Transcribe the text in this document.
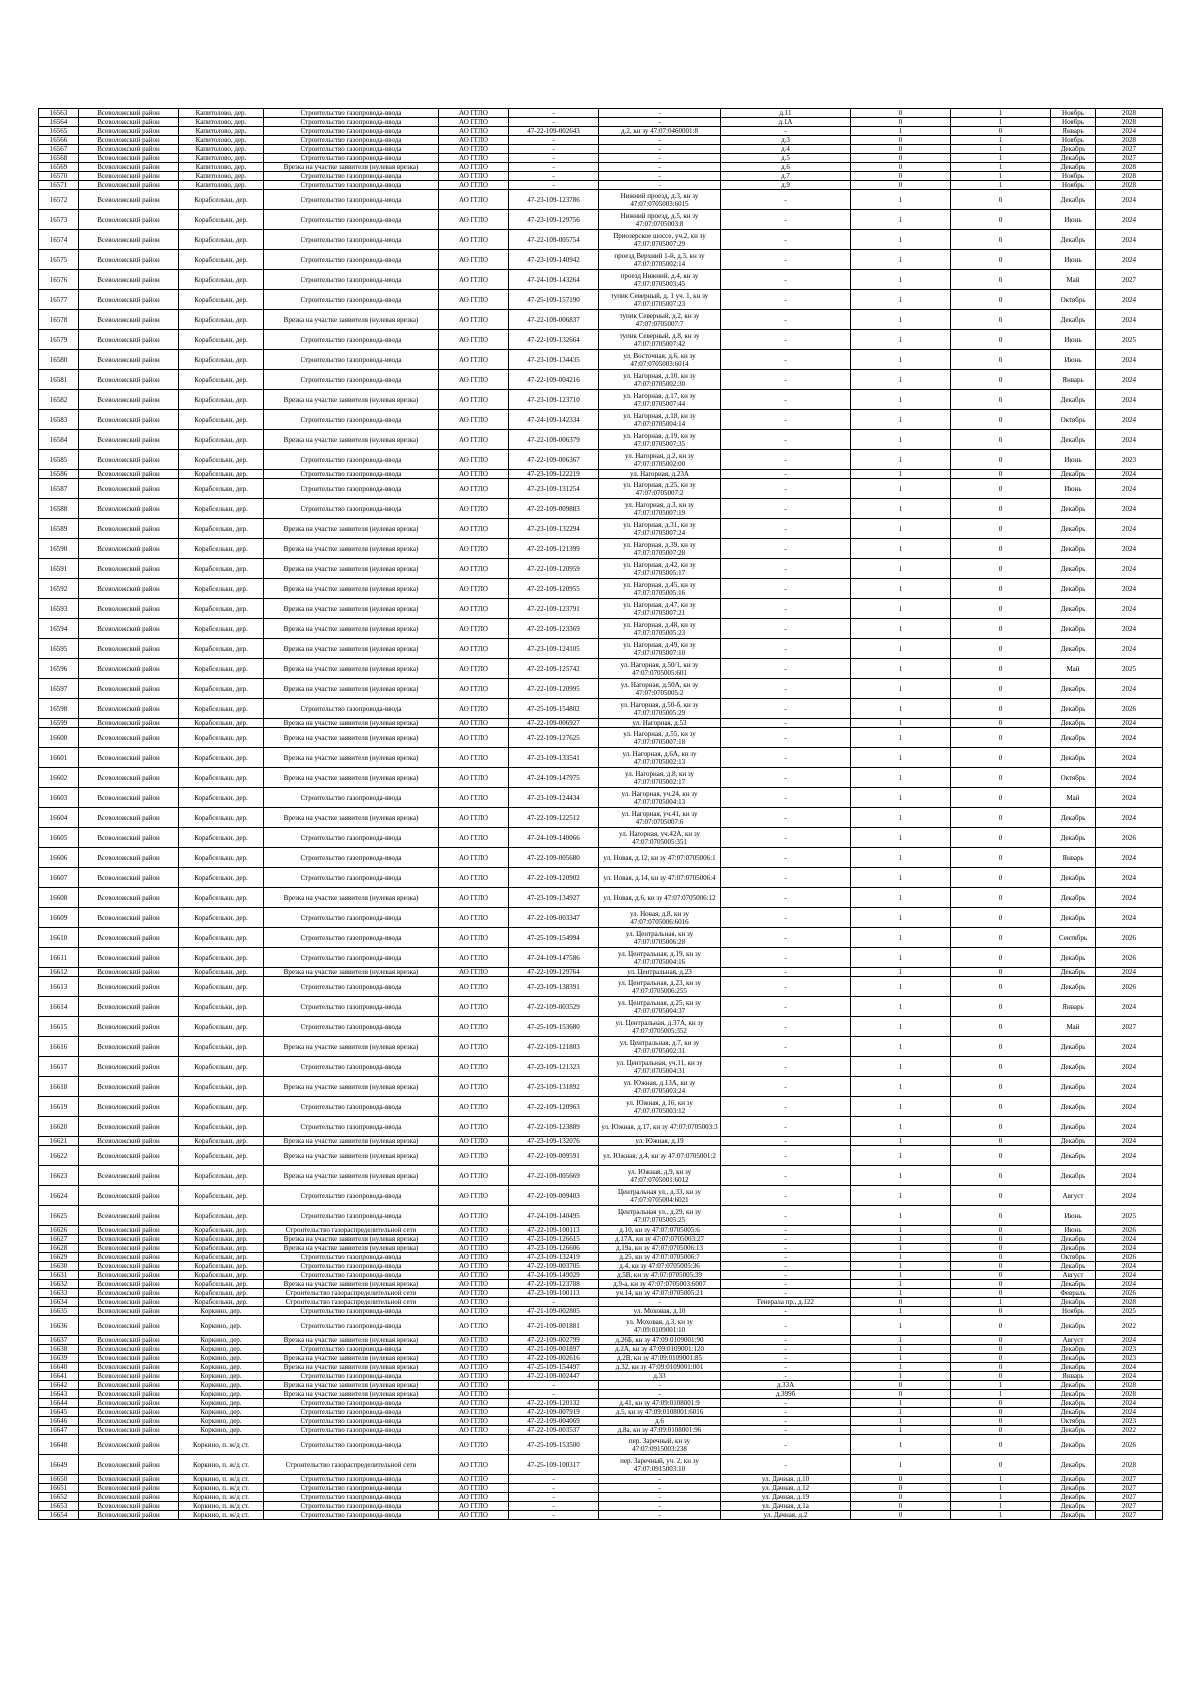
16563	Всеволожский район	Капитолово, дер.	Строительство газопровода-ввода	АО ГГЛО	-	-	д.11	0	1	Ноябрь	2028
16564	Всеволожский район	Капитолово, дер.	Строительство газопровода-ввода	АО ГГЛО	-	-	д.1А	0	1	Ноябрь	2028
16565	Всеволожский район	Капитолово, дер.	Строительство газопровода-ввода	АО ГГЛО	47-22-109-002643	д.2, кн зу 47:07:0460001:8	-	1	0	Январь	2024
16566	Всеволожский район	Капитолово, дер.	Строительство газопровода-ввода	АО ГГЛО	-	-	д.3	0	1	Ноябрь	2028
16567	Всеволожский район	Капитолово, дер.	Строительство газопровода-ввода	АО ГГЛО	-	-	д.4	0	1	Декабрь	2027
16568	Всеволожский район	Капитолово, дер.	Строительство газопровода-ввода	АО ГГЛО	-	-	д.5	0	1	Декабрь	2027
16569	Всеволожский район	Капитолово, дер.	Врезка на участке заявителя (нулевая врезка)	АО ГГЛО	-	-	д.6	0	1	Декабрь	2028
16570	Всеволожский район	Капитолово, дер.	Строительство газопровода-ввода	АО ГГЛО	-	-	д.7	0	1	Ноябрь	2028
16571	Всеволожский район	Капитолово, дер.	Строительство газопровода-ввода	АО ГГЛО	-	-	д.9	0	1	Ноябрь	2028
16572	Всеволожский район	Корабсельки, дер.	Строительство газопровода-ввода	АО ГГЛО	47-23-109-123786	Нижний проезд, д.3, кн зу 47:07:0705003:6015	-	1	0	Декабрь	2024
16573	Всеволожский район	Корабсельки, дер.	Строительство газопровода-ввода	АО ГГЛО	47-23-109-129756	Нижний проезд, д.5, кн зу 47:07:0705003:8	-	1	0	Июнь	2024
16574	Всеволожский район	Корабсельки, дер.	Строительство газопровода-ввода	АО ГГЛО	47-22-109-005754	Приозерское шоссе, уч.2, кн зу 47:07:0705007:29	-	1	0	Декабрь	2024
16575	Всеволожский район	Корабсельки, дер.	Строительство газопровода-ввода	АО ГГЛО	47-23-109-140942	проезд Верхний 1-й, д.3, кн зу 47:07:0705002:14	-	1	0	Июнь	2024
16576	Всеволожский район	Корабсельки, дер.	Строительство газопровода-ввода	АО ГГЛО	47-24-109-143264	проезд Нижний, д.4, кн зу 47:07:0705003:45	-	1	0	Май	2027
16577	Всеволожский район	Корабсельки, дер.	Строительство газопровода-ввода	АО ГГЛО	47-25-109-157190	тупик Северный, д. 1 уч. 1, кн зу 47:07:0705007:23	-	1	0	Октябрь	2024
16578	Всеволожский район	Корабсельки, дер.	Врезка на участке заявителя (нулевая врезка)	АО ГГЛО	47-22-109-006837	тупик Северный, д.2, кн зу 47:07:0705007:7	-	1	0	Декабрь	2024
16579	Всеволожский район	Корабсельки, дер.	Строительство газопровода-ввода	АО ГГЛО	47-22-109-132664	тупик Северный, д.8, кн зу 47:07:0705007:42	-	1	0	Июнь	2025
16580	Всеволожский район	Корабсельки, дер.	Строительство газопровода-ввода	АО ГГЛО	47-23-109-134435	ул. Восточная, д.6, кн зу 47:07:0705003:6014	-	1	0	Июнь	2024
16581	Всеволожский район	Корабсельки, дер.	Строительство газопровода-ввода	АО ГГЛО	47-22-109-004216	ул. Нагорная, д.10, кн зу 47:07:0705002:30	-	1	0	Январь	2024
16582	Всеволожский район	Корабсельки, дер.	Врезка на участке заявителя (нулевая врезка)	АО ГГЛО	47-23-109-123710	ул. Нагорная, д.17, кн зу 47:07:0705007:44	-	1	0	Декабрь	2024
16583	Всеволожский район	Корабсельки, дер.	Строительство газопровода-ввода	АО ГГЛО	47-24-109-142334	ул. Нагорная, д.18, кн зу 47:07:0705004:14	-	1	0	Октябрь	2024
16584	Всеволожский район	Корабсельки, дер.	Врезка на участке заявителя (нулевая врезка)	АО ГГЛО	47-22-109-006379	ул. Нагорная, д.19, кн зу 47:07:0705007:35	-	1	0	Декабрь	2024
16585	Всеволожский район	Корабсельки, дер.	Строительство газопровода-ввода	АО ГГЛО	47-22-109-006367	ул. Нагорная, д.2, кн зу 47:07:0705002:00	-	1	0	Июнь	2023
16586	Всеволожский район	Корабсельки, дер.	Строительство газопровода-ввода	АО ГГЛО	47-23-109-122219	ул. Нагорная, д.23А	-	1	0	Декабрь	2024
16587	Всеволожский район	Корабсельки, дер.	Строительство газопровода-ввода	АО ГГЛО	47-23-109-131254	ул. Нагорная, д.25, кн зу 47:07:0705007:2	-	1	0	Июнь	2024
16588	Всеволожский район	Корабсельки, дер.	Строительство газопровода-ввода	АО ГГЛО	47-22-109-009883	ул. Нагорная, д.3, кн зу 47:07:0705007:19	-	1	0	Декабрь	2024
16589	Всеволожский район	Корабсельки, дер.	Врезка на участке заявителя (нулевая врезка)	АО ГГЛО	47-23-109-132294	ул. Нагорная, д.31, кн зу 47:07:0705007:24	-	1	0	Декабрь	2024
16590	Всеволожский район	Корабсельки, дер.	Врезка на участке заявителя (нулевая врезка)	АО ГГЛО	47-22-109-121399	ул. Нагорная, д.39, кн зу 47:07:0705007:28	-	1	0	Декабрь	2024
16591	Всеволожский район	Корабсельки, дер.	Врезка на участке заявителя (нулевая врезка)	АО ГГЛО	47-22-109-120959	ул. Нагорная, д.42, кн зу 47:07:0705005:17	-	1	0	Декабрь	2024
16592	Всеволожский район	Корабсельки, дер.	Врезка на участке заявителя (нулевая врезка)	АО ГГЛО	47-22-109-120955	ул. Нагорная, д.45, кн зу 47:07:0705005:16	-	1	0	Декабрь	2024
16593	Всеволожский район	Корабсельки, дер.	Врезка на участке заявителя (нулевая врезка)	АО ГГЛО	47-22-109-123791	ул. Нагорная, д.47, кн зу 47:07:0705007:21	-	1	0	Декабрь	2024
16594	Всеволожский район	Корабсельки, дер.	Врезка на участке заявителя (нулевая врезка)	АО ГГЛО	47-22-109-123369	ул. Нагорная, д.48, кн зу 47:07:0705005:23	-	1	0	Декабрь	2024
16595	Всеволожский район	Корабсельки, дер.	Врезка на участке заявителя (нулевая врезка)	АО ГГЛО	47-23-109-124105	ул. Нагорная, д.49, кн зу 47:07:0705007:10	-	1	0	Декабрь	2024
16596	Всеволожский район	Корабсельки, дер.	Врезка на участке заявителя (нулевая врезка)	АО ГГЛО	47-22-109-125742	ул. Нагорная, д.50/1, кн зу 47:07:0705005:601	-	1	0	Май	2025
16597	Всеволожский район	Корабсельки, дер.	Врезка на участке заявителя (нулевая врезка)	АО ГГЛО	47-22-109-120995	ул. Нагорная, д.50А, кн зу 47:07:0705005:2	-	1	0	Декабрь	2024
16598	Всеволожский район	Корабсельки, дер.	Строительство газопровода-ввода	АО ГГЛО	47-25-109-154802	ул. Нагорная, д.50-б, кн зу 47:07:0705005:29	-	1	0	Декабрь	2026
16599	Всеволожский район	Корабсельки, дер.	Врезка на участке заявителя (нулевая врезка)	АО ГГЛО	47-22-109-006927	ул. Нагорная, д.53	-	1	0	Декабрь	2024
16600	Всеволожский район	Корабсельки, дер.	Врезка на участке заявителя (нулевая врезка)	АО ГГЛО	47-22-109-127625	ул. Нагорная, д.55, кн зу 47:07:0705007:18	-	1	0	Декабрь	2024
16601	Всеволожский район	Корабсельки, дер.	Врезка на участке заявителя (нулевая врезка)	АО ГГЛО	47-23-109-133541	ул. Нагорная, д.6А, кн зу 47:07:0705002:13	-	1	0	Декабрь	2024
16602	Всеволожский район	Корабсельки, дер.	Врезка на участке заявителя (нулевая врезка)	АО ГГЛО	47-24-109-147975	ул. Нагорная, д.8, кн зу 47:07:0705002:17	-	1	0	Октябрь	2024
16603	Всеволожский район	Корабсельки, дер.	Строительство газопровода-ввода	АО ГГЛО	47-23-109-124434	ул. Нагорная, уч.24, кн зу 47:07:0705004:13	-	1	0	Май	2024
16604	Всеволожский район	Корабсельки, дер.	Врезка на участке заявителя (нулевая врезка)	АО ГГЛО	47-22-109-122512	ул. Нагорная, уч.41, кн зу 47:07:0705007:6	-	1	0	Декабрь	2024
16605	Всеволожский район	Корабсельки, дер.	Строительство газопровода-ввода	АО ГГЛО	47-24-109-140066	ул. Нагорная, уч.42А, кн зу 47:07:0705005:351	-	1	0	Декабрь	2026
16606	Всеволожский район	Корабсельки, дер.	Строительство газопровода-ввода	АО ГГЛО	47-22-109-005680	ул. Новая, д.12, кн зу 47:07:0705006:1	-	1	0	Январь	2024
16607	Всеволожский район	Корабсельки, дер.	Строительство газопровода-ввода	АО ГГЛО	47-22-109-120902	ул. Новая, д.14, кн зу 47:07:0705006:4	-	1	0	Декабрь	2024
16608	Всеволожский район	Корабсельки, дер.	Врезка на участке заявителя (нулевая врезка)	АО ГГЛО	47-23-109-134927	ул. Новая, д.6, кн зу 47:07:0705006:12	-	1	0	Декабрь	2024
16609	Всеволожский район	Корабсельки, дер.	Строительство газопровода-ввода	АО ГГЛО	47-22-109-003347	ул. Новая, д.8, кн зу 47:07:0705006:6016	-	1	0	Декабрь	2024
16610	Всеволожский район	Корабсельки, дер.	Строительство газопровода-ввода	АО ГГЛО	47-25-109-154994	ул. Центральная, кн зу 47:07:0705006:28	-	1	0	Сентябрь	2026
16611	Всеволожский район	Корабсельки, дер.	Строительство газопровода-ввода	АО ГГЛО	47-24-109-147586	ул. Центральная, д.19, кн зу 47:07:0705004:16	-	1	0	Декабрь	2026
16612	Всеволожский район	Корабсельки, дер.	Врезка на участке заявителя (нулевая врезка)	АО ГГЛО	47-22-109-129764	ул. Центральная, д.23	-	1	0	Декабрь	2024
16613	Всеволожский район	Корабсельки, дер.	Строительство газопровода-ввода	АО ГГЛО	47-23-109-138391	ул. Центральная, д.23, кн зу 47:07:0705006:255	-	1	0	Декабрь	2026
16614	Всеволожский район	Корабсельки, дер.	Строительство газопровода-ввода	АО ГГЛО	47-22-109-003529	ул. Центральная, д.25, кн зу 47:07:0705004:37	-	1	0	Январь	2024
16615	Всеволожский район	Корабсельки, дер.	Строительство газопровода-ввода	АО ГГЛО	47-25-109-153680	ул. Центральная, д.37А, кн зу 47:07:0705005:352	-	1	0	Май	2027
16616	Всеволожский район	Корабсельки, дер.	Врезка на участке заявителя (нулевая врезка)	АО ГГЛО	47-22-109-121803	ул. Центральная, д.7, кн зу 47:07:0705002:31	-	1	0	Декабрь	2024
16617	Всеволожский район	Корабсельки, дер.	Строительство газопровода-ввода	АО ГГЛО	47-23-109-121323	ул. Центральная, уч.11, кн зу 47:07:0705004:31	-	1	0	Декабрь	2024
16618	Всеволожский район	Корабсельки, дер.	Врезка на участке заявителя (нулевая врезка)	АО ГГЛО	47-23-109-131892	ул. Южная, д.13А, кн зу 47:07:0705003:24	-	1	0	Декабрь	2024
16619	Всеволожский район	Корабсельки, дер.	Строительство газопровода-ввода	АО ГГЛО	47-22-109-120963	ул. Южная, д.16, кн зу 47:07:0705003:12	-	1	0	Декабрь	2024
16620	Всеволожский район	Корабсельки, дер.	Строительство газопровода-ввода	АО ГГЛО	47-22-109-123889	ул. Южная, д.17, кн зу 47:07:0705003:3	-	1	0	Декабрь	2024
16621	Всеволожский район	Корабсельки, дер.	Врезка на участке заявителя (нулевая врезка)	АО ГГЛО	47-23-109-132076	ул. Южная, д.19	-	1	0	Декабрь	2024
16622	Всеволожский район	Корабсельки, дер.	Врезка на участке заявителя (нулевая врезка)	АО ГГЛО	47-22-109-009591	ул. Южная, д.4, кн зу 47:07:0705001:2	-	1	0	Декабрь	2024
16623	Всеволожский район	Корабсельки, дер.	Врезка на участке заявителя (нулевая врезка)	АО ГГЛО	47-22-109-005669	ул. Южная, д.9, кн зу 47:07:0705001:6012	-	1	0	Декабрь	2024
16624	Всеволожский район	Корабсельки, дер.	Строительство газопровода-ввода	АО ГГЛО	47-22-109-009403	Центральная ул., д.33, кн зу 47:07:0705004:6021	-	1	0	Август	2024
16625	Всеволожский район	Корабсельки, дер.	Строительство газопровода-ввода	АО ГГЛО	47-24-109-140495	Центральная ул., д.29, кн зу 47:07:0705005:25	-	1	0	Июнь	2025
16626	Всеволожский район	Корабсельки, дер.	Строительство газораспределительной сети	АО ГГЛО	47-22-109-100113	д.10, кн зу 47:07:0705005:6	-	1	0	Июнь	2026
16627	Всеволожский район	Корабсельки, дер.	Врезка на участке заявителя (нулевая врезка)	АО ГГЛО	47-23-109-126615	д.17А, кн зу 47:07:0705003:27	-	1	0	Декабрь	2024
16628	Всеволожский район	Корабсельки, дер.	Врезка на участке заявителя (нулевая врезка)	АО ГГЛО	47-23-109-126606	д.19а, кн зу 47:07:0705006:13	-	1	0	Декабрь	2024
16629	Всеволожский район	Корабсельки, дер.	Строительство газопровода-ввода	АО ГГЛО	47-23-109-132419	д.25, кн зу 47:07:0705006:7	-	1	0	Октябрь	2026
16630	Всеволожский район	Корабсельки, дер.	Строительство газопровода-ввода	АО ГГЛО	47-22-109-003705	д.4, кн зу 47:07:0705005:36	-	1	0	Декабрь	2024
16631	Всеволожский район	Корабсельки, дер.	Строительство газопровода-ввода	АО ГГЛО	47-24-109-149029	д.5В, кн зу 47:07:0705005:39	-	1	0	Август	2024
16632	Всеволожский район	Корабсельки, дер.	Врезка на участке заявителя (нулевая врезка)	АО ГГЛО	47-22-109-123788	д.9-а, кн зу 47:07:0705003:6007	-	1	0	Декабрь	2024
16633	Всеволожский район	Корабсельки, дер.	Строительство газораспределительной сети	АО ГГЛО	47-23-109-100113	уч.14, кн зу 47:07:0705005:21	-	1	0	Февраль	2026
16634	Всеволожский район	Корабсельки, дер.	Строительство газораспределительной сети	АО ГГЛО	-	-	Генерала пр., д.122	0	1	Декабрь	2028
16635	Всеволожский район	Коркино, дер.	Строительство газопровода-ввода	АО ГГЛО	47-21-109-002805	ул. Моховая, д.10	-	1	0	Ноябрь	2025
16636	Всеволожский район	Коркино, дер.	Строительство газопровода-ввода	АО ГГЛО	47-21-109-001881	ул. Моховая, д.3, кн зу 47:09:0109001:10	-	1	0	Декабрь	2022
16637	Всеволожский район	Коркино, дер.	Врезка на участке заявителя (нулевая врезка)	АО ГГЛО	47-22-109-002799	д.26Б, кн зу 47:09:0109001:90	-	1	0	Август	2024
16638	Всеволожский район	Коркино, дер.	Строительство газопровода-ввода	АО ГГЛО	47-21-109-001897	д.2А, кн зу 47:09:0109001:120	-	1	0	Декабрь	2023
16639	Всеволожский район	Коркино, дер.	Врезка на участке заявителя (нулевая врезка)	АО ГГЛО	47-22-109-002616	д.2В, кн зу 47:09:0109001:85	-	1	0	Декабрь	2023
16640	Всеволожский район	Коркино, дер.	Врезка на участке заявителя (нулевая врезка)	АО ГГЛО	47-25-109-154497	д.32, кн зу 47:09:0109001:001	-	1	0	Декабрь	2024
16641	Всеволожский район	Коркино, дер.	Строительство газопровода-ввода	АО ГГЛО	47-22-109-002447	д.33	-	1	0	Январь	2024
16642	Всеволожский район	Коркино, дер.	Врезка на участке заявителя (нулевая врезка)	АО ГГЛО	-	-	д.33А	0	1	Декабрь	2028
16643	Всеволожский район	Коркино, дер.	Врезка на участке заявителя (нулевая врезка)	АО ГГЛО	-	-	д.399б	0	1	Декабрь	2028
16644	Всеволожский район	Коркино, дер.	Строительство газопровода-ввода	АО ГГЛО	47-22-109-120132	д.41, кн зу 47:09:0108001:9	-	1	0	Декабрь	2024
16645	Всеволожский район	Коркино, дер.	Строительство газопровода-ввода	АО ГГЛО	47-22-109-007919	д.5, кн зу 47:09:0108001:6016	-	1	0	Декабрь	2024
16646	Всеволожский район	Коркино, дер.	Строительство газопровода-ввода	АО ГГЛО	47-22-109-004069	д.6	-	1	0	Октябрь	2023
16647	Всеволожский район	Коркино, дер.	Строительство газопровода-ввода	АО ГГЛО	47-22-109-003537	д.8а, кн зу 47:09:0108001:96	-	1	0	Декабрь	2022
16648	Всеволожский район	Коркино, п. ж/д ст.	Строительство газопровода-ввода	АО ГГЛО	47-25-109-153500	пер. Заречный, кн зу 47:07:0915003:238	-	1	0	Декабрь	2026
16649	Всеволожский район	Коркино, п. ж/д ст.	Строительство газораспределительной сети	АО ГГЛО	47-25-109-100317	пер. Заречный, уч. 2, кн зу 47:07:0915003:10	-	1	0	Декабрь	2028
16650	Всеволожский район	Коркино, п. ж/д ст.	Строительство газопровода-ввода	АО ГГЛО	-	-	ул. Дачная, д.10	0	1	Декабрь	2027
16651	Всеволожский район	Коркино, п. ж/д ст.	Строительство газопровода-ввода	АО ГГЛО	-	-	ул. Дачная, д.12	0	1	Декабрь	2027
16652	Всеволожский район	Коркино, п. ж/д ст.	Строительство газопровода-ввода	АО ГГЛО	-	-	ул. Дачная, д.19	0	1	Декабрь	2027
16653	Всеволожский район	Коркино, п. ж/д ст.	Строительство газопровода-ввода	АО ГГЛО	-	-	ул. Дачная, д.1а	0	1	Декабрь	2027
16654	Всеволожский район	Коркино, п. ж/д ст.	Строительство газопровода-ввода	АО ГГЛО	-	-	ул. Дачная, д.2	0	1	Декабрь	2027
